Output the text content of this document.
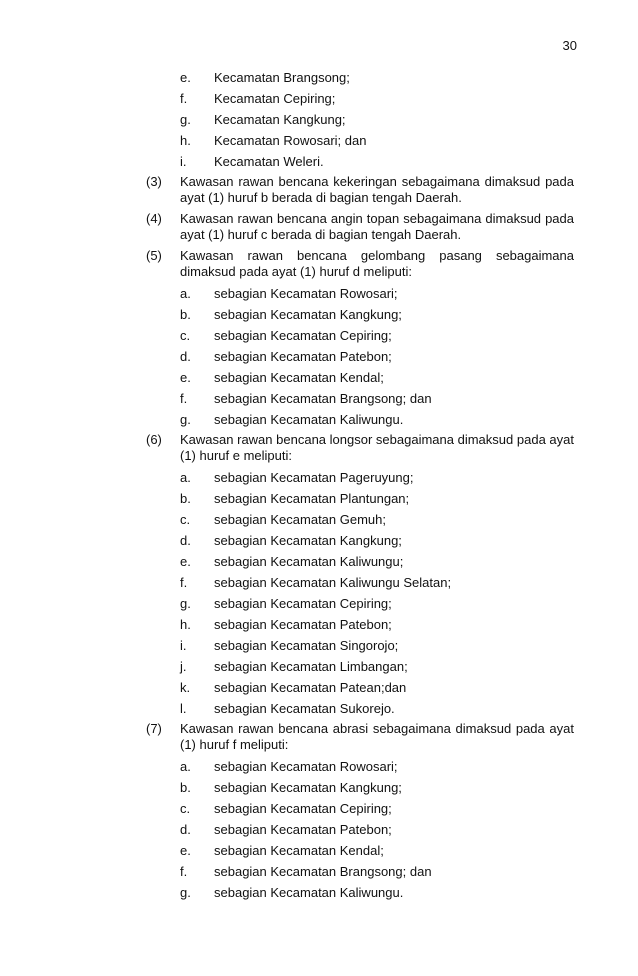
30
e.	Kecamatan Brangsong;
f.	Kecamatan Cepiring;
g.	Kecamatan Kangkung;
h.	Kecamatan Rowosari; dan
i.	Kecamatan Weleri.
(3)	Kawasan rawan bencana kekeringan sebagaimana dimaksud pada ayat (1) huruf b berada di bagian tengah Daerah.
(4)	Kawasan rawan bencana angin topan sebagaimana dimaksud pada ayat (1) huruf c berada di bagian tengah Daerah.
(5)	Kawasan rawan bencana gelombang pasang sebagaimana dimaksud pada ayat (1) huruf d meliputi:
a.	sebagian Kecamatan Rowosari;
b.	sebagian Kecamatan Kangkung;
c.	sebagian Kecamatan Cepiring;
d.	sebagian Kecamatan Patebon;
e.	sebagian Kecamatan Kendal;
f.	sebagian Kecamatan Brangsong; dan
g.	sebagian Kecamatan Kaliwungu.
(6)	Kawasan rawan bencana longsor sebagaimana dimaksud pada ayat (1) huruf e meliputi:
a.	sebagian Kecamatan Pageruyung;
b.	sebagian Kecamatan Plantungan;
c.	sebagian Kecamatan Gemuh;
d.	sebagian Kecamatan Kangkung;
e.	sebagian Kecamatan Kaliwungu;
f.	sebagian Kecamatan Kaliwungu Selatan;
g.	sebagian Kecamatan Cepiring;
h.	sebagian Kecamatan Patebon;
i.	sebagian Kecamatan Singorojo;
j.	sebagian Kecamatan Limbangan;
k.	sebagian Kecamatan Patean;dan
l.	sebagian Kecamatan Sukorejo.
(7)	Kawasan rawan bencana abrasi sebagaimana dimaksud pada ayat (1) huruf f meliputi:
a.	sebagian Kecamatan Rowosari;
b.	sebagian Kecamatan Kangkung;
c.	sebagian Kecamatan Cepiring;
d.	sebagian Kecamatan Patebon;
e.	sebagian Kecamatan Kendal;
f.	sebagian Kecamatan Brangsong; dan
g.	sebagian Kecamatan Kaliwungu.
